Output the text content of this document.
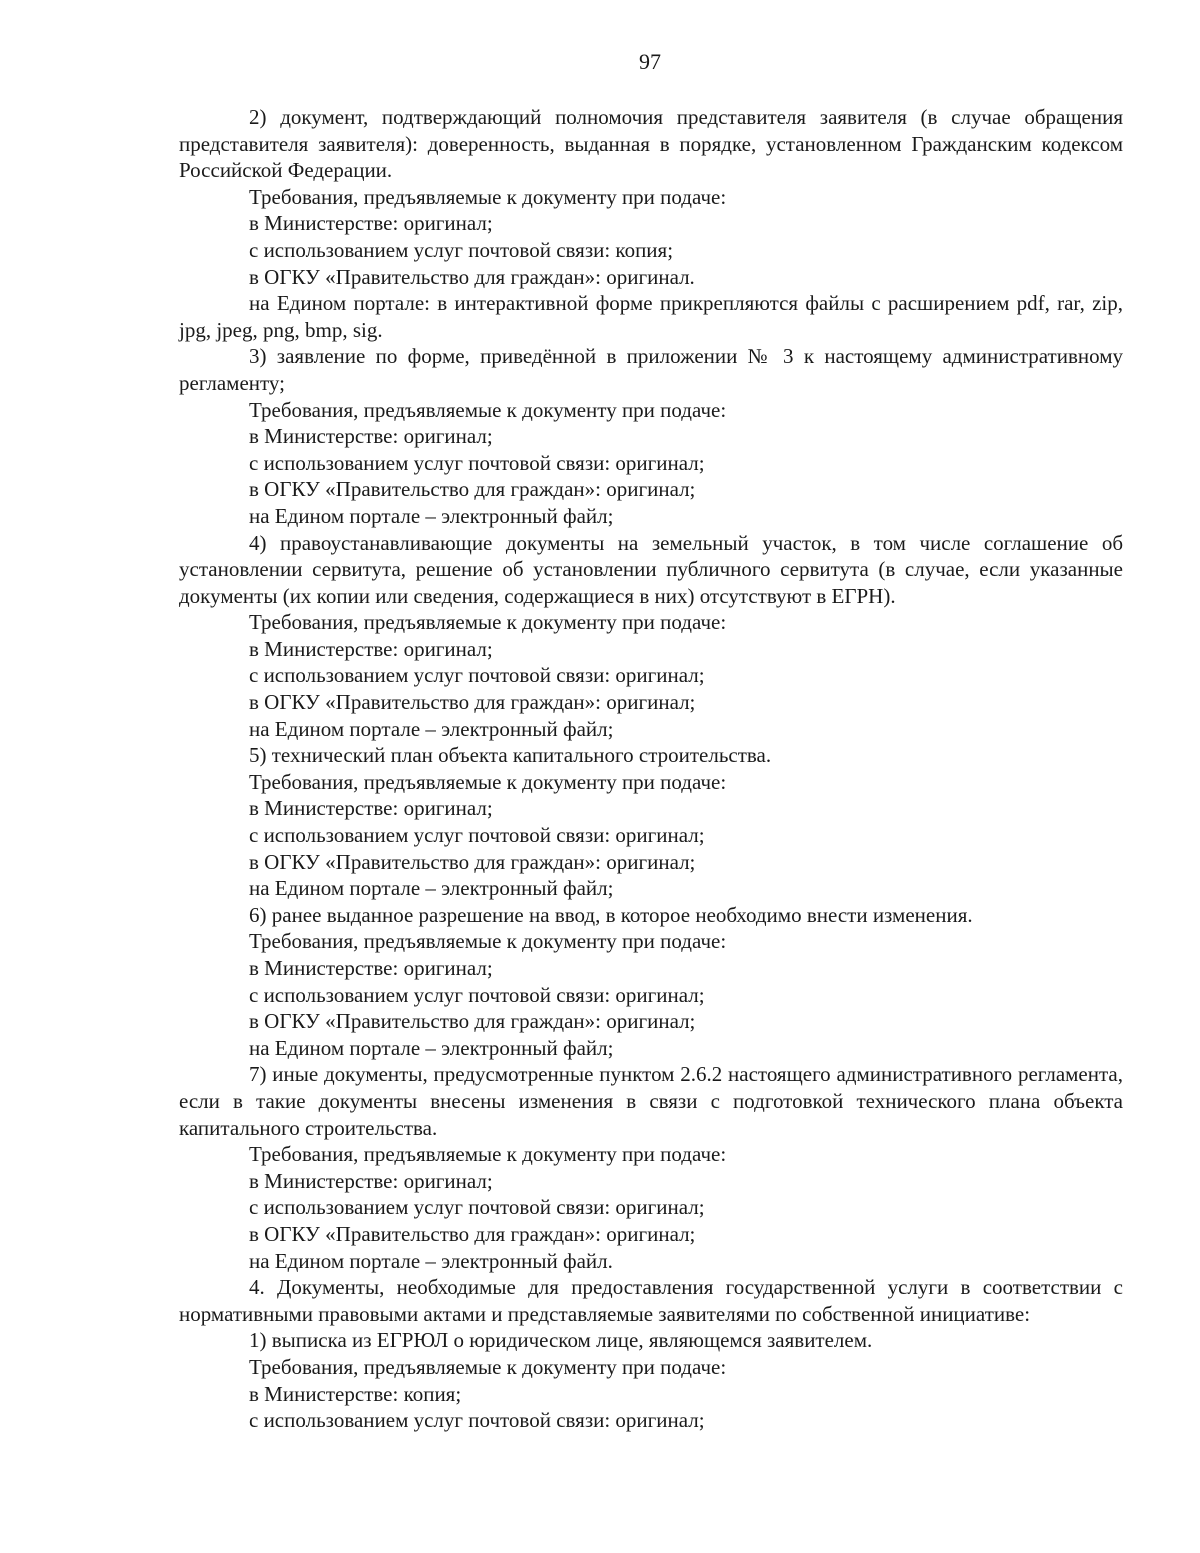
97

2) документ, подтверждающий полномочия представителя заявителя (в случае обращения представителя заявителя): доверенность, выданная в порядке, установленном Гражданским кодексом Российской Федерации.

Требования, предъявляемые к документу при подаче:

в Министерстве: оригинал;

с использованием услуг почтовой связи: копия;

в ОГКУ «Правительство для граждан»: оригинал.

на Едином портале: в интерактивной форме прикрепляются файлы с расширением pdf, rar, zip, jpg, jpeg, png, bmp, sig.

3) заявление по форме, приведённой в приложении № 3 к настоящему административному регламенту;

Требования, предъявляемые к документу при подаче:

в Министерстве: оригинал;

с использованием услуг почтовой связи: оригинал;

в ОГКУ «Правительство для граждан»: оригинал;

на Едином портале – электронный файл;

4) правоустанавливающие документы на земельный участок, в том числе соглашение об установлении сервитута, решение об установлении публичного сервитута (в случае, если указанные документы (их копии или сведения, содержащиеся в них) отсутствуют в ЕГРН).

Требования, предъявляемые к документу при подаче:

в Министерстве: оригинал;

с использованием услуг почтовой связи: оригинал;

в ОГКУ «Правительство для граждан»: оригинал;

на Едином портале – электронный файл;

5) технический план объекта капитального строительства.

Требования, предъявляемые к документу при подаче:

в Министерстве: оригинал;

с использованием услуг почтовой связи: оригинал;

в ОГКУ «Правительство для граждан»: оригинал;

на Едином портале – электронный файл;

6) ранее выданное разрешение на ввод, в которое необходимо внести изменения.

Требования, предъявляемые к документу при подаче:

в Министерстве: оригинал;

с использованием услуг почтовой связи: оригинал;

в ОГКУ «Правительство для граждан»: оригинал;

на Едином портале – электронный файл;

7) иные документы, предусмотренные пунктом 2.6.2 настоящего административного регламента, если в такие документы внесены изменения в связи с подготовкой технического плана объекта капитального строительства.

Требования, предъявляемые к документу при подаче:

в Министерстве: оригинал;

с использованием услуг почтовой связи: оригинал;

в ОГКУ «Правительство для граждан»: оригинал;

на Едином портале – электронный файл.

4. Документы, необходимые для предоставления государственной услуги в соответствии с нормативными правовыми актами и представляемые заявителями по собственной инициативе:

1) выписка из ЕГРЮЛ о юридическом лице, являющемся заявителем.

Требования, предъявляемые к документу при подаче:

в Министерстве: копия;

с использованием услуг почтовой связи: оригинал;
